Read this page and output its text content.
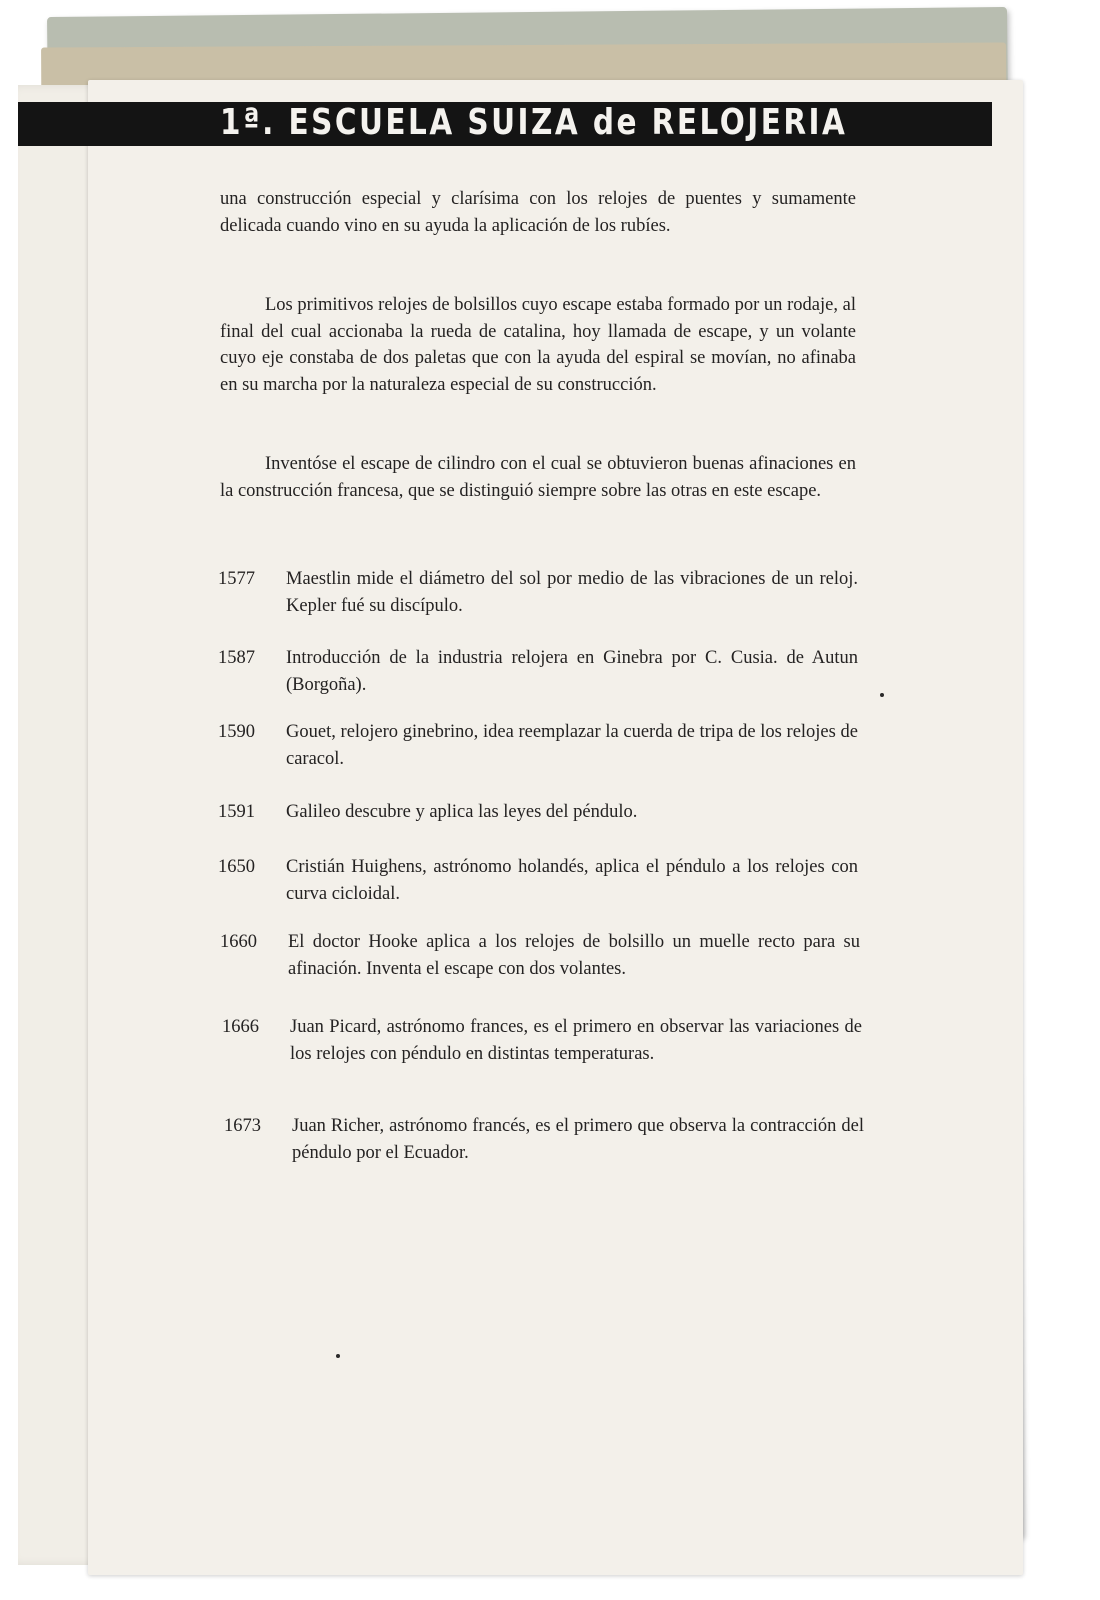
1ª. ESCUELA SUIZA de RELOJERIA

una construcción especial y clarísima con los relojes de puentes y sumamente delicada cuando vino en su ayuda la aplicación de los rubíes.

Los primitivos relojes de bolsillos cuyo escape estaba formado por un rodaje, al final del cual accionaba la rueda de catalina, hoy llamada de escape, y un volante cuyo eje constaba de dos paletas que con la ayuda del espiral se movían, no afinaba en su marcha por la naturaleza especial de su construcción.

Inventóse el escape de cilindro con el cual se obtuvieron buenas afinaciones en la construcción francesa, que se distinguió siempre sobre las otras en este escape.

1577	Maestlin mide el diámetro del sol por medio de las vibraciones de un reloj. Kepler fué su discípulo.
1587	Introducción de la industria relojera en Ginebra por C. Cusia. de Autun (Borgoña).
1590	Gouet, relojero ginebrino, idea reemplazar la cuerda de tripa de los relojes de caracol.
1591	Galileo descubre y aplica las leyes del péndulo.
1650	Cristián Huighens, astrónomo holandés, aplica el péndulo a los relojes con curva cicloidal.
1660	El doctor Hooke aplica a los relojes de bolsillo un muelle recto para su afinación. Inventa el escape con dos volantes.
1666	Juan Picard, astrónomo frances, es el primero en observar las variaciones de los relojes con péndulo en distintas temperaturas.
1673	Juan Richer, astrónomo francés, es el primero que observa la contracción del péndulo por el Ecuador.
